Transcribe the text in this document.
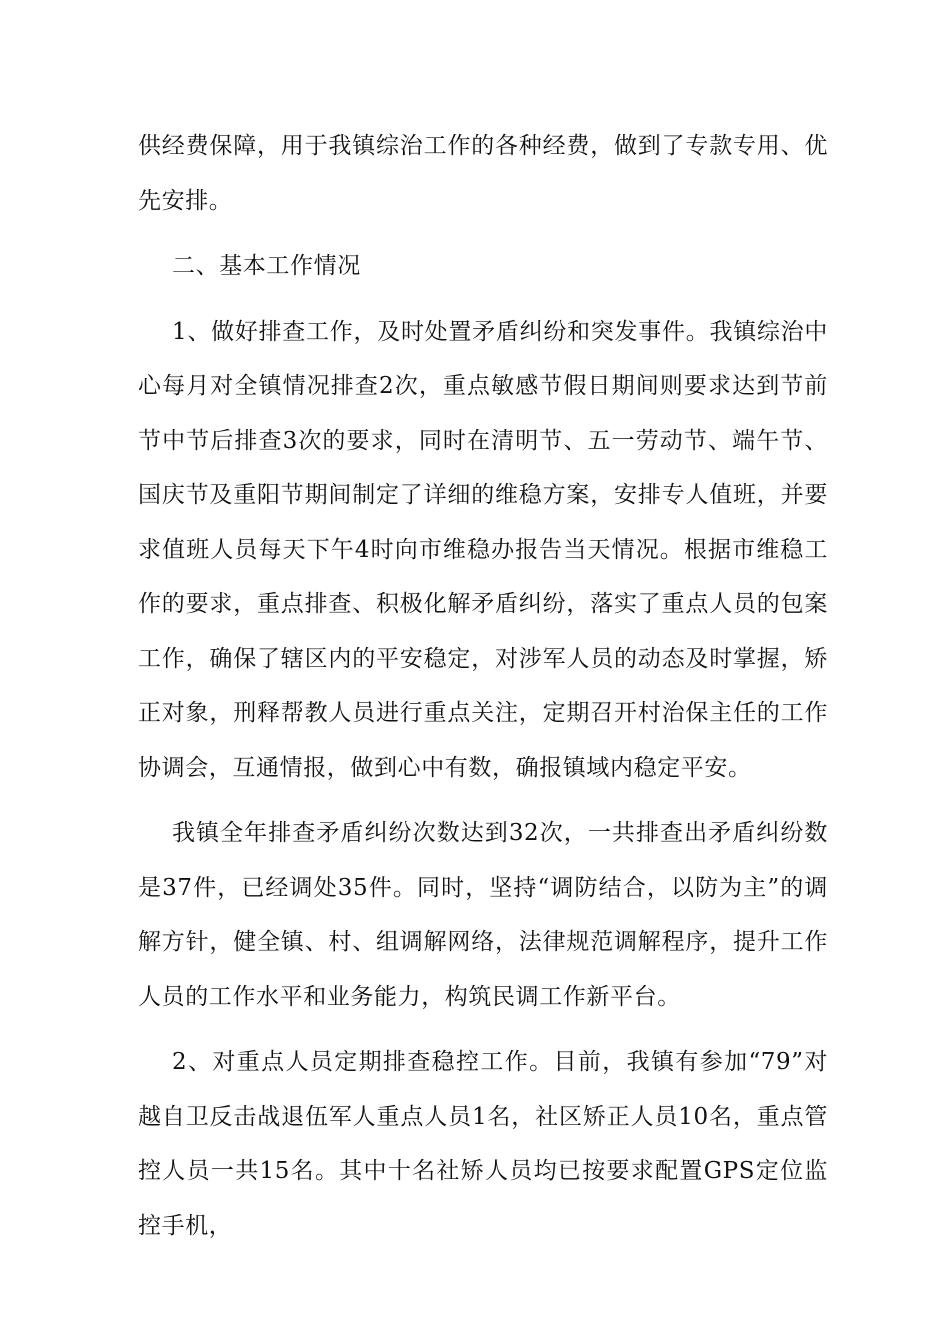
供经费保障，用于我镇综治工作的各种经费，做到了专款专用、优先安排。

二、基本工作情况

1、做好排查工作，及时处置矛盾纠纷和突发事件。我镇综治中心每月对全镇情况排查2次，重点敏感节假日期间则要求达到节前节中节后排查3次的要求，同时在清明节、五一劳动节、端午节、国庆节及重阳节期间制定了详细的维稳方案，安排专人值班，并要求值班人员每天下午4时向市维稳办报告当天情况。根据市维稳工作的要求，重点排查、积极化解矛盾纠纷，落实了重点人员的包案工作，确保了辖区内的平安稳定，对涉军人员的动态及时掌握，矫正对象，刑释帮教人员进行重点关注，定期召开村治保主任的工作协调会，互通情报，做到心中有数，确报镇域内稳定平安。

我镇全年排查矛盾纠纷次数达到32次，一共排查出矛盾纠纷数是37件，已经调处35件。同时，坚持“调防结合，以防为主”的调解方针，健全镇、村、组调解网络，法律规范调解程序，提升工作人员的工作水平和业务能力，构筑民调工作新平台。

2、对重点人员定期排查稳控工作。目前，我镇有参加“79”对越自卫反击战退伍军人重点人员1名，社区矫正人员10名，重点管控人员一共15名。其中十名社矫人员均已按要求配置GPS定位监控手机，
